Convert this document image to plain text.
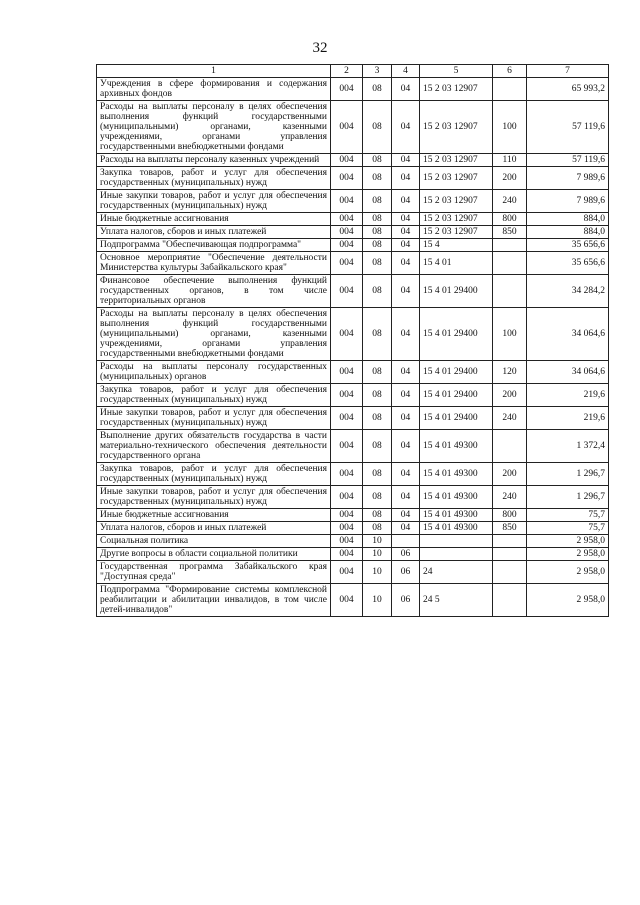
32
1	2	3	4	5	6	7
Учреждения в сфере формирования и содержания архивных фондов	004	08	04	15 2 03 12907		65 993,2
Расходы на выплаты персоналу в целях обеспечения выполнения функций государственными (муниципальными) органами, казенными учреждениями, органами управления государственными внебюджетными фондами	004	08	04	15 2 03 12907	100	57 119,6
Расходы на выплаты персоналу казенных учреждений	004	08	04	15 2 03 12907	110	57 119,6
Закупка товаров, работ и услуг для обеспечения государственных (муниципальных) нужд	004	08	04	15 2 03 12907	200	7 989,6
Иные закупки товаров, работ и услуг для обеспечения государственных (муниципальных) нужд	004	08	04	15 2 03 12907	240	7 989,6
Иные бюджетные ассигнования	004	08	04	15 2 03 12907	800	884,0
Уплата налогов, сборов и иных платежей	004	08	04	15 2 03 12907	850	884,0
Подпрограмма "Обеспечивающая подпрограмма"	004	08	04	15 4		35 656,6
Основное мероприятие "Обеспечение деятельности Министерства культуры Забайкальского края"	004	08	04	15 4 01		35 656,6
Финансовое обеспечение выполнения функций государственных органов, в том числе территориальных органов	004	08	04	15 4 01 29400		34 284,2
Расходы на выплаты персоналу в целях обеспечения выполнения функций государственными (муниципальными) органами, казенными учреждениями, органами управления государственными внебюджетными фондами	004	08	04	15 4 01 29400	100	34 064,6
Расходы на выплаты персоналу государственных (муниципальных) органов	004	08	04	15 4 01 29400	120	34 064,6
Закупка товаров, работ и услуг для обеспечения государственных (муниципальных) нужд	004	08	04	15 4 01 29400	200	219,6
Иные закупки товаров, работ и услуг для обеспечения государственных (муниципальных) нужд	004	08	04	15 4 01 29400	240	219,6
Выполнение других обязательств государства в части материально-технического обеспечения деятельности государственного органа	004	08	04	15 4 01 49300		1 372,4
Закупка товаров, работ и услуг для обеспечения государственных (муниципальных) нужд	004	08	04	15 4 01 49300	200	1 296,7
Иные закупки товаров, работ и услуг для обеспечения государственных (муниципальных) нужд	004	08	04	15 4 01 49300	240	1 296,7
Иные бюджетные ассигнования	004	08	04	15 4 01 49300	800	75,7
Уплата налогов, сборов и иных платежей	004	08	04	15 4 01 49300	850	75,7
Социальная политика	004	10				2 958,0
Другие вопросы в области социальной политики	004	10	06			2 958,0
Государственная программа Забайкальского края "Доступная среда"	004	10	06	24		2 958,0
Подпрограмма "Формирование системы комплексной реабилитации и абилитации инвалидов, в том числе детей-инвалидов"	004	10	06	24 5		2 958,0
